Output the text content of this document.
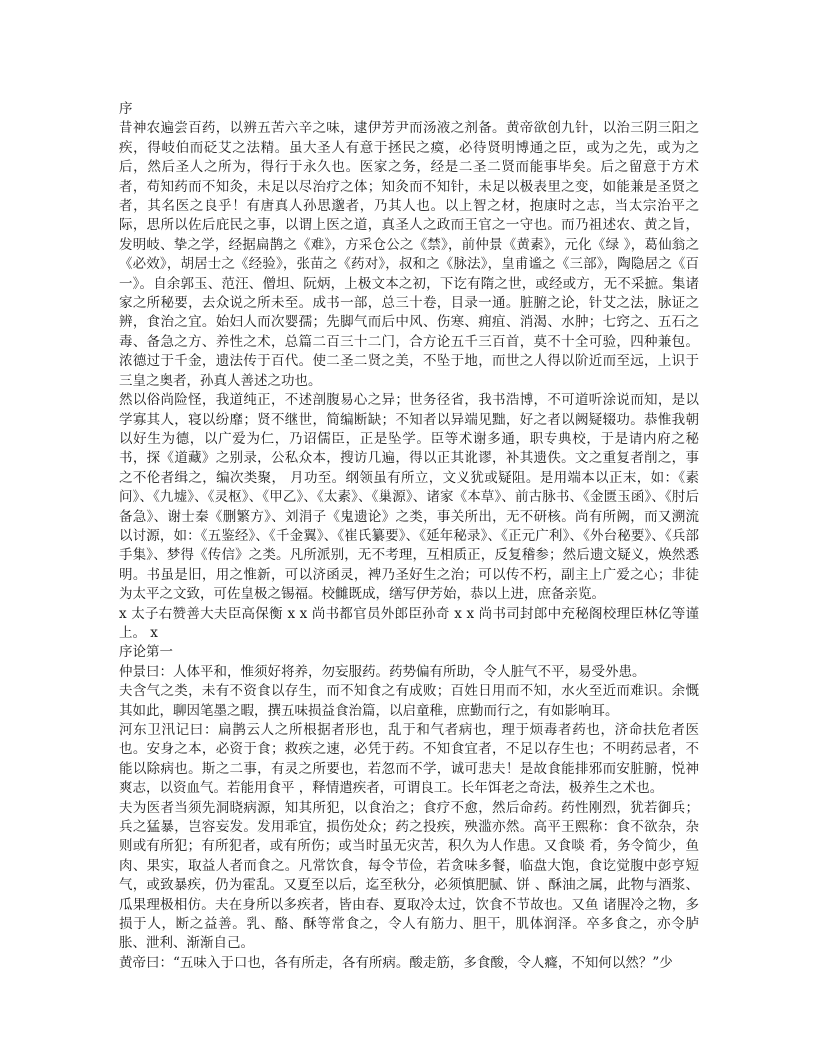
序

昔神农遍尝百药，以辨五苦六辛之味，逮伊芳尹而汤液之剂备。黄帝欲创九针，以治三阴三阳之疾，得岐伯而砭艾之法精。虽大圣人有意于拯民之瘼，必待贤明博通之臣，或为之先，或为之后，然后圣人之所为，得行于永久也。医家之务，经是二圣二贤而能事毕矣。后之留意于方术者，苟知药而不知灸，未足以尽治疗之体；知灸而不知针，未足以极表里之变，如能兼是圣贤之 者，其名医之良乎！有唐真人孙思邈者，乃其人也。以上智之材，抱康时之志，当太宗治平之际，思所以佐后庇民之事，以谓上医之道，真圣人之政而王官之一守也。而乃祖述农、黄之旨，发明岐、挚之学，经据扁鹊之《难》，方采仓公之《禁》，前仲景《黄素》，元化《绿 》，葛仙翁之《必效》，胡居士之《经验》，张苗之《药对》，叔和之《脉法》，皇甫谧之《三部》，陶隐居之《百一》。自余郭玉、范汪、僧坦、阮炳，上极文本之初，下讫有隋之世，或经或方，无不采摭。集诸家之所秘要，去众说之所未至。成书一部，总三十卷，目录一通。脏腑之论，针艾之法，脉证之辨，食治之宜。始妇人而次婴孺；先脚气而后中风、伤寒、痈疽、消渴、水肿；七窍之、五石之毒、备急之方、养性之术，总篇二百三十二门，合方论五千三百首，莫不十全可验，四种兼包。浓德过于千金，遗法传于百代。使二圣二贤之美，不坠于地，而世之人得以阶近而至远，上识于三皇之奥者，孙真人善述之功也。

然以俗尚险怪，我道纯正，不述剖腹易心之异；世务径省，我书浩博，不可道听涂说而知，是以学寡其人，寝以纷靡；贤不继世，简编断缺；不知者以异端见黜，好之者以阙疑辍功。恭惟我朝以好生为德，以广爱为仁，乃诏儒臣，正是坠学。臣等术谢多通，职专典校，于是请内府之秘书，探《道藏》之别录，公私众本，搜访几遍，得以正其讹谬，补其遗佚。文之重复者削之，事之不伦者缉之，编次类聚， 月功至。纲领虽有所立，文义犹或疑阻。是用端本以正末，如：《素问》、《九墟》、《灵枢》、《甲乙》、《太素》、《巢源》、诸家《本草》、前古脉书、《金匮玉函》、《肘后备急》、谢士秦《删繁方》、刘涓子《鬼遗论》之类，事关所出，无不研核。尚有所阙，而又溯流以讨源，如：《五鉴经》、《千金翼》、《崔氏纂要》、《延年秘录》、《正元广利》、《外台秘要》、《兵部手集》、梦得《传信》之类。凡所派别，无不考理，互相质正，反复稽参；然后遗文疑义，焕然悉明。书虽是旧，用之惟新，可以济函灵，裨乃圣好生之治；可以传不朽，副主上广爱之心；非徒为太平之文致，可佐皇极之锡福。校雠既成，缮写伊芳始，恭以上进，庶备亲览。

x 太子右赞善大夫臣高保衡 x x 尚书都官员外郎臣孙奇 x x 尚书司封郎中充秘阁校理臣林亿等谨上。 x

序论第一

仲景曰：人体平和，惟须好将养，勿妄服药。药势偏有所助，令人脏气不平，易受外患。

夫含气之类，未有不资食以存生，而不知食之有成败；百姓日用而不知，水火至近而难识。余慨其如此，聊因笔墨之暇，撰五味损益食治篇，以启童稚，庶勤而行之，有如影响耳。

河东卫汛记曰：扁鹊云人之所根据者形也，乱于和气者病也，理于烦毒者药也，济命扶危者医也。安身之本，必资于食；救疾之速，必凭于药。不知食宜者，不足以存生也；不明药忌者，不能以除病也。斯之二事，有灵之所要也，若忽而不学，诚可悲夫！是故食能排邪而安脏腑，悦神爽志，以资血气。若能用食平 ，释情遣疾者，可谓良工。长年饵老之奇法，极养生之术也。

夫为医者当须先洞晓病源，知其所犯，以食治之；食疗不愈，然后命药。药性刚烈，犹若御兵；兵之猛暴，岂容妄发。发用乖宜，损伤处众；药之投疾，殃滥亦然。高平王熙称：食不欲杂，杂则或有所犯；有所犯者，或有所伤；或当时虽无灾苦，积久为人作患。又食啖 肴，务令简少，鱼肉、果实，取益人者而食之。凡常饮食，每令节俭，若贪味多餐，临盘大饱，食讫觉腹中彭亨短气，或致暴疾，仍为霍乱。又夏至以后，迄至秋分，必须慎肥腻、饼 、酥油之属，此物与酒浆、瓜果理极相仿。夫在身所以多疾者，皆由春、夏取冷太过，饮食不节故也。又鱼 诸腥冷之物，多损于人，断之益善。乳、酪、酥等常食之，令人有筋力、胆干，肌体润泽。卒多食之，亦令胪胀、泄利、渐渐自己。

黄帝曰：“五味入于口也，各有所走，各有所病。酸走筋，多食酸，令人癃，不知何以然？”少
